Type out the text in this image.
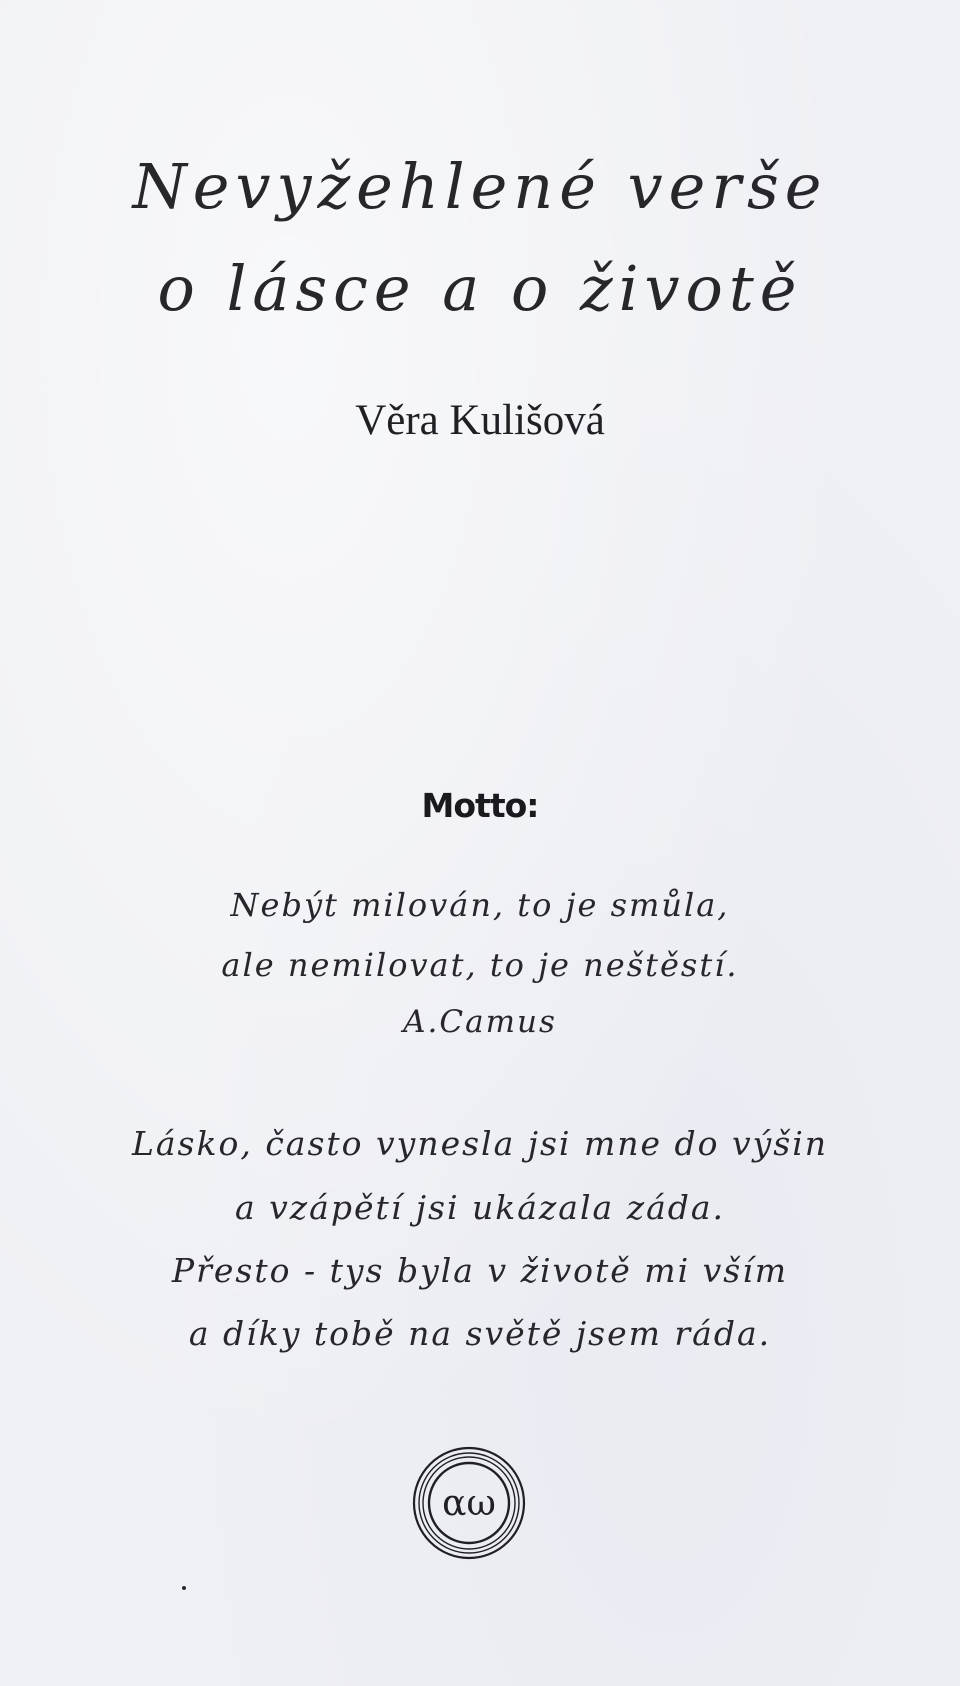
Nevyžehlené verše
o lásce a o životě
Věra Kulišová
Motto:
Nebýt milován, to je smůla,
ale nemilovat, to je neštěstí.
A.Camus
Lásko, často vynesla jsi mne do výšin
a vzápětí jsi ukázala záda.
Přesto - tys byla v životě mi vším
a díky tobě na světě jsem ráda.
αω
